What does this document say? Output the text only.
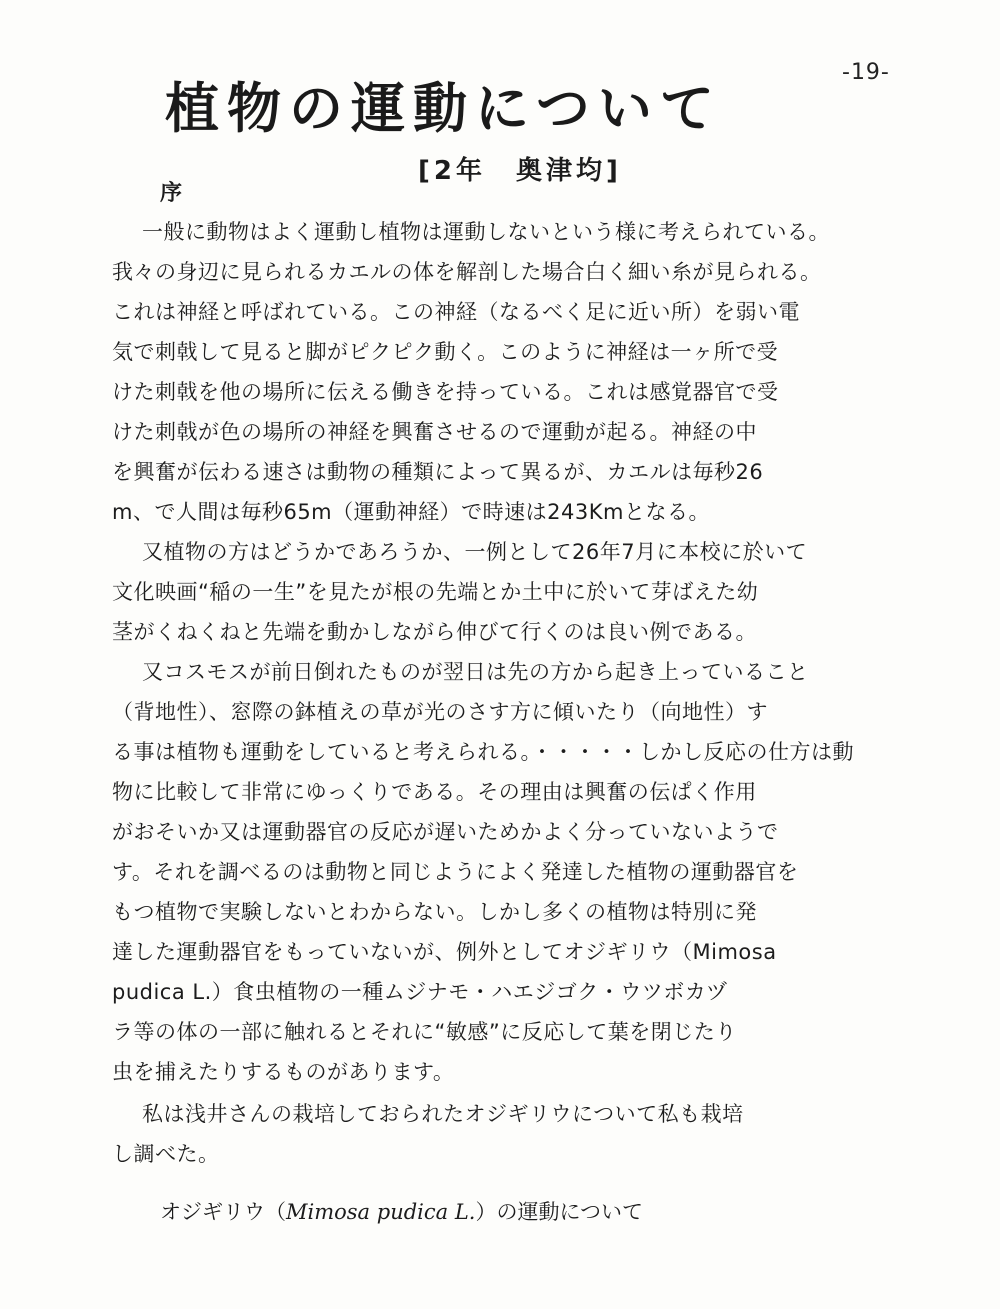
-19-
植物の運動について
[2年　奥津均]
序
一般に動物はよく運動し植物は運動しないという様に考えられている。
我々の身辺に見られるカエルの体を解剖した場合白く細い糸が見られる。
これは神経と呼ばれている。この神経（なるべく足に近い所）を弱い電
気で刺戟して見ると脚がピクピク動く。このように神経は一ヶ所で受
けた刺戟を他の場所に伝える働きを持っている。これは感覚器官で受
けた刺戟が色の場所の神経を興奮させるので運動が起る。神経の中
を興奮が伝わる速さは動物の種類によって異るが、カエルは毎秒26
m、で人間は毎秒65m（運動神経）で時速は243Kmとなる。
又植物の方はどうかであろうか、一例として26年7月に本校に於いて
文化映画“稲の一生”を見たが根の先端とか土中に於いて芽ばえた幼
茎がくねくねと先端を動かしながら伸びて行くのは良い例である。
又コスモスが前日倒れたものが翌日は先の方から起き上っていること
（背地性）、窓際の鉢植えの草が光のさす方に傾いたり（向地性）す
る事は植物も運動をしていると考えられる。・・・・・しかし反応の仕方は動
物に比較して非常にゆっくりである。その理由は興奮の伝ぱく作用
がおそいか又は運動器官の反応が遅いためかよく分っていないようで
す。それを調べるのは動物と同じようによく発達した植物の運動器官を
もつ植物で実験しないとわからない。しかし多くの植物は特別に発
達した運動器官をもっていないが、例外としてオジギリウ（Mimosa
pudica L.）食虫植物の一種ムジナモ・ハエジゴク・ウツボカヅ
ラ等の体の一部に触れるとそれに“敏感”に反応して葉を閉じたり
虫を捕えたりするものがあります。
私は浅井さんの栽培しておられたオジギリウについて私も栽培
し調べた。
オジギリウ（Mimosa pudica L.）の運動について
